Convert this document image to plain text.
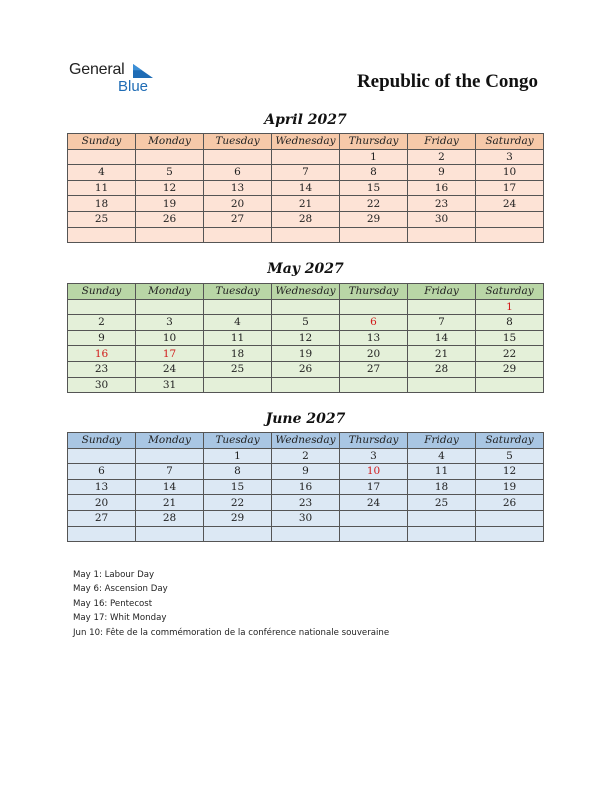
General
Blue	Republic of the Congo
April 2027
Sunday	Monday	Tuesday	Wednesday	Thursday	Friday	Saturday
				1	2	3
4	5	6	7	8	9	10
11	12	13	14	15	16	17
18	19	20	21	22	23	24
25	26	27	28	29	30	

May 2027
Sunday	Monday	Tuesday	Wednesday	Thursday	Friday	Saturday
						1
2	3	4	5	6	7	8
9	10	11	12	13	14	15
16	17	18	19	20	21	22
23	24	25	26	27	28	29
30	31					
June 2027
Sunday	Monday	Tuesday	Wednesday	Thursday	Friday	Saturday
		1	2	3	4	5
6	7	8	9	10	11	12
13	14	15	16	17	18	19
20	21	22	23	24	25	26
27	28	29	30			

May 1: Labour Day
May 6: Ascension Day
May 16: Pentecost
May 17: Whit Monday
Jun 10: Fête de la commémoration de la conférence nationale souveraine
